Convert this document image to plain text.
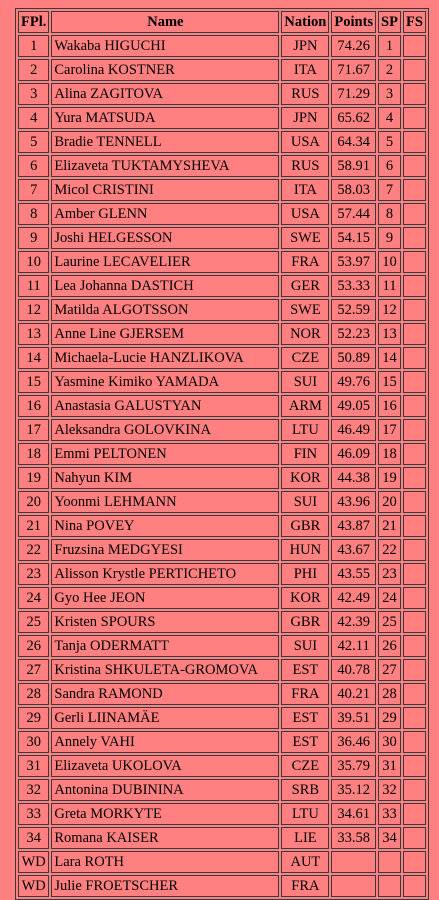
FPl.	Name	Nation	Points	SP	FS
1	Wakaba HIGUCHI	JPN	74.26	1	
2	Carolina KOSTNER	ITA	71.67	2	
3	Alina ZAGITOVA	RUS	71.29	3	
4	Yura MATSUDA	JPN	65.62	4	
5	Bradie TENNELL	USA	64.34	5	
6	Elizaveta TUKTAMYSHEVA	RUS	58.91	6	
7	Micol CRISTINI	ITA	58.03	7	
8	Amber GLENN	USA	57.44	8	
9	Joshi HELGESSON	SWE	54.15	9	
10	Laurine LECAVELIER	FRA	53.97	10	
11	Lea Johanna DASTICH	GER	53.33	11	
12	Matilda ALGOTSSON	SWE	52.59	12	
13	Anne Line GJERSEM	NOR	52.23	13	
14	Michaela-Lucie HANZLIKOVA	CZE	50.89	14	
15	Yasmine Kimiko YAMADA	SUI	49.76	15	
16	Anastasia GALUSTYAN	ARM	49.05	16	
17	Aleksandra GOLOVKINA	LTU	46.49	17	
18	Emmi PELTONEN	FIN	46.09	18	
19	Nahyun KIM	KOR	44.38	19	
20	Yoonmi LEHMANN	SUI	43.96	20	
21	Nina POVEY	GBR	43.87	21	
22	Fruzsina MEDGYESI	HUN	43.67	22	
23	Alisson Krystle PERTICHETO	PHI	43.55	23	
24	Gyo Hee JEON	KOR	42.49	24	
25	Kristen SPOURS	GBR	42.39	25	
26	Tanja ODERMATT	SUI	42.11	26	
27	Kristina SHKULETA-GROMOVA	EST	40.78	27	
28	Sandra RAMOND	FRA	40.21	28	
29	Gerli LIINAMÄE	EST	39.51	29	
30	Annely VAHI	EST	36.46	30	
31	Elizaveta UKOLOVA	CZE	35.79	31	
32	Antonina DUBININA	SRB	35.12	32	
33	Greta MORKYTE	LTU	34.61	33	
34	Romana KAISER	LIE	33.58	34	
WD	Lara ROTH	AUT			
WD	Julie FROETSCHER	FRA			
